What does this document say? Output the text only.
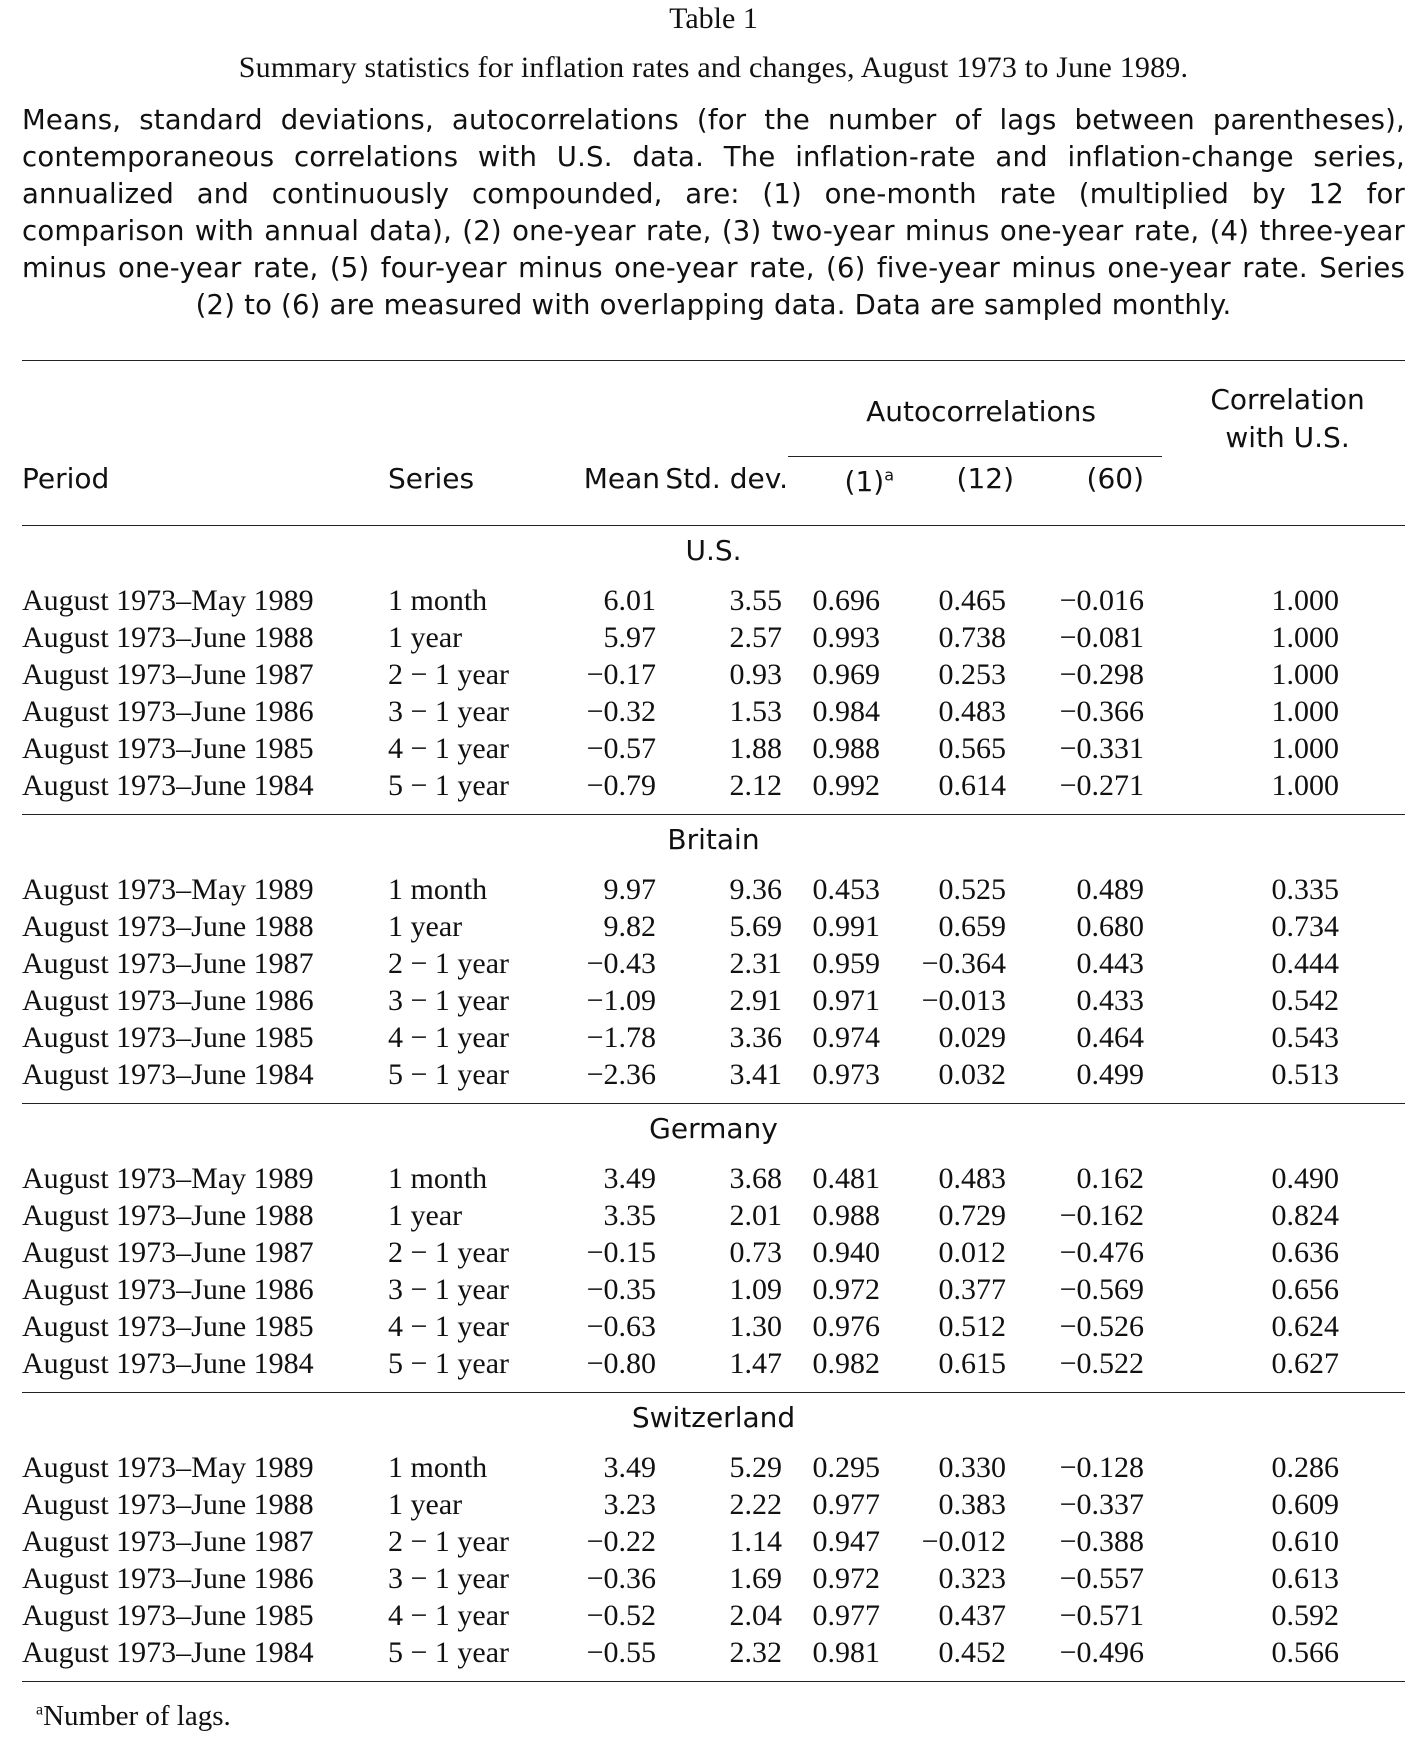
Table 1
Summary statistics for inflation rates and changes, August 1973 to June 1989.
Means, standard deviations, autocorrelations (for the number of lags between parentheses), contemporaneous correlations with U.S. data. The inflation-rate and inflation-change series, annualized and continuously compounded, are: (1) one-month rate (multiplied by 12 for comparison with annual data), (2) one-year rate, (3) two-year minus one-year rate, (4) three-year minus one-year rate, (5) four-year minus one-year rate, (6) five-year minus one-year rate. Series (2) to (6) are measured with overlapping data. Data are sampled monthly.
				Autocorrelations			Correlation
with U.S.

Period	Series	Mean	Std. dev.	$(1)^a$	(12)	(60)	
U.S.
August 1973–May 1989	1 month	6.01	3.55	0.696	0.465	−0.016	1.000
August 1973–June 1988	1 year	5.97	2.57	0.993	0.738	−0.081	1.000
August 1973–June 1987	2 − 1 year	−0.17	0.93	0.969	0.253	−0.298	1.000
August 1973–June 1986	3 − 1 year	−0.32	1.53	0.984	0.483	−0.366	1.000
August 1973–June 1985	4 − 1 year	−0.57	1.88	0.988	0.565	−0.331	1.000
August 1973–June 1984	5 − 1 year	−0.79	2.12	0.992	0.614	−0.271	1.000
Britain
August 1973–May 1989	1 month	9.97	9.36	0.453	0.525	0.489	0.335
August 1973–June 1988	1 year	9.82	5.69	0.991	0.659	0.680	0.734
August 1973–June 1987	2 − 1 year	−0.43	2.31	0.959	−0.364	0.443	0.444
August 1973–June 1986	3 − 1 year	−1.09	2.91	0.971	−0.013	0.433	0.542
August 1973–June 1985	4 − 1 year	−1.78	3.36	0.974	0.029	0.464	0.543
August 1973–June 1984	5 − 1 year	−2.36	3.41	0.973	0.032	0.499	0.513
Germany
August 1973–May 1989	1 month	3.49	3.68	0.481	0.483	0.162	0.490
August 1973–June 1988	1 year	3.35	2.01	0.988	0.729	−0.162	0.824
August 1973–June 1987	2 − 1 year	−0.15	0.73	0.940	0.012	−0.476	0.636
August 1973–June 1986	3 − 1 year	−0.35	1.09	0.972	0.377	−0.569	0.656
August 1973–June 1985	4 − 1 year	−0.63	1.30	0.976	0.512	−0.526	0.624
August 1973–June 1984	5 − 1 year	−0.80	1.47	0.982	0.615	−0.522	0.627
Switzerland
August 1973–May 1989	1 month	3.49	5.29	0.295	0.330	−0.128	0.286
August 1973–June 1988	1 year	3.23	2.22	0.977	0.383	−0.337	0.609
August 1973–June 1987	2 − 1 year	−0.22	1.14	0.947	−0.012	−0.388	0.610
August 1973–June 1986	3 − 1 year	−0.36	1.69	0.972	0.323	−0.557	0.613
August 1973–June 1985	4 − 1 year	−0.52	2.04	0.977	0.437	−0.571	0.592
August 1973–June 1984	5 − 1 year	−0.55	2.32	0.981	0.452	−0.496	0.566
$^a$Number of lags.
